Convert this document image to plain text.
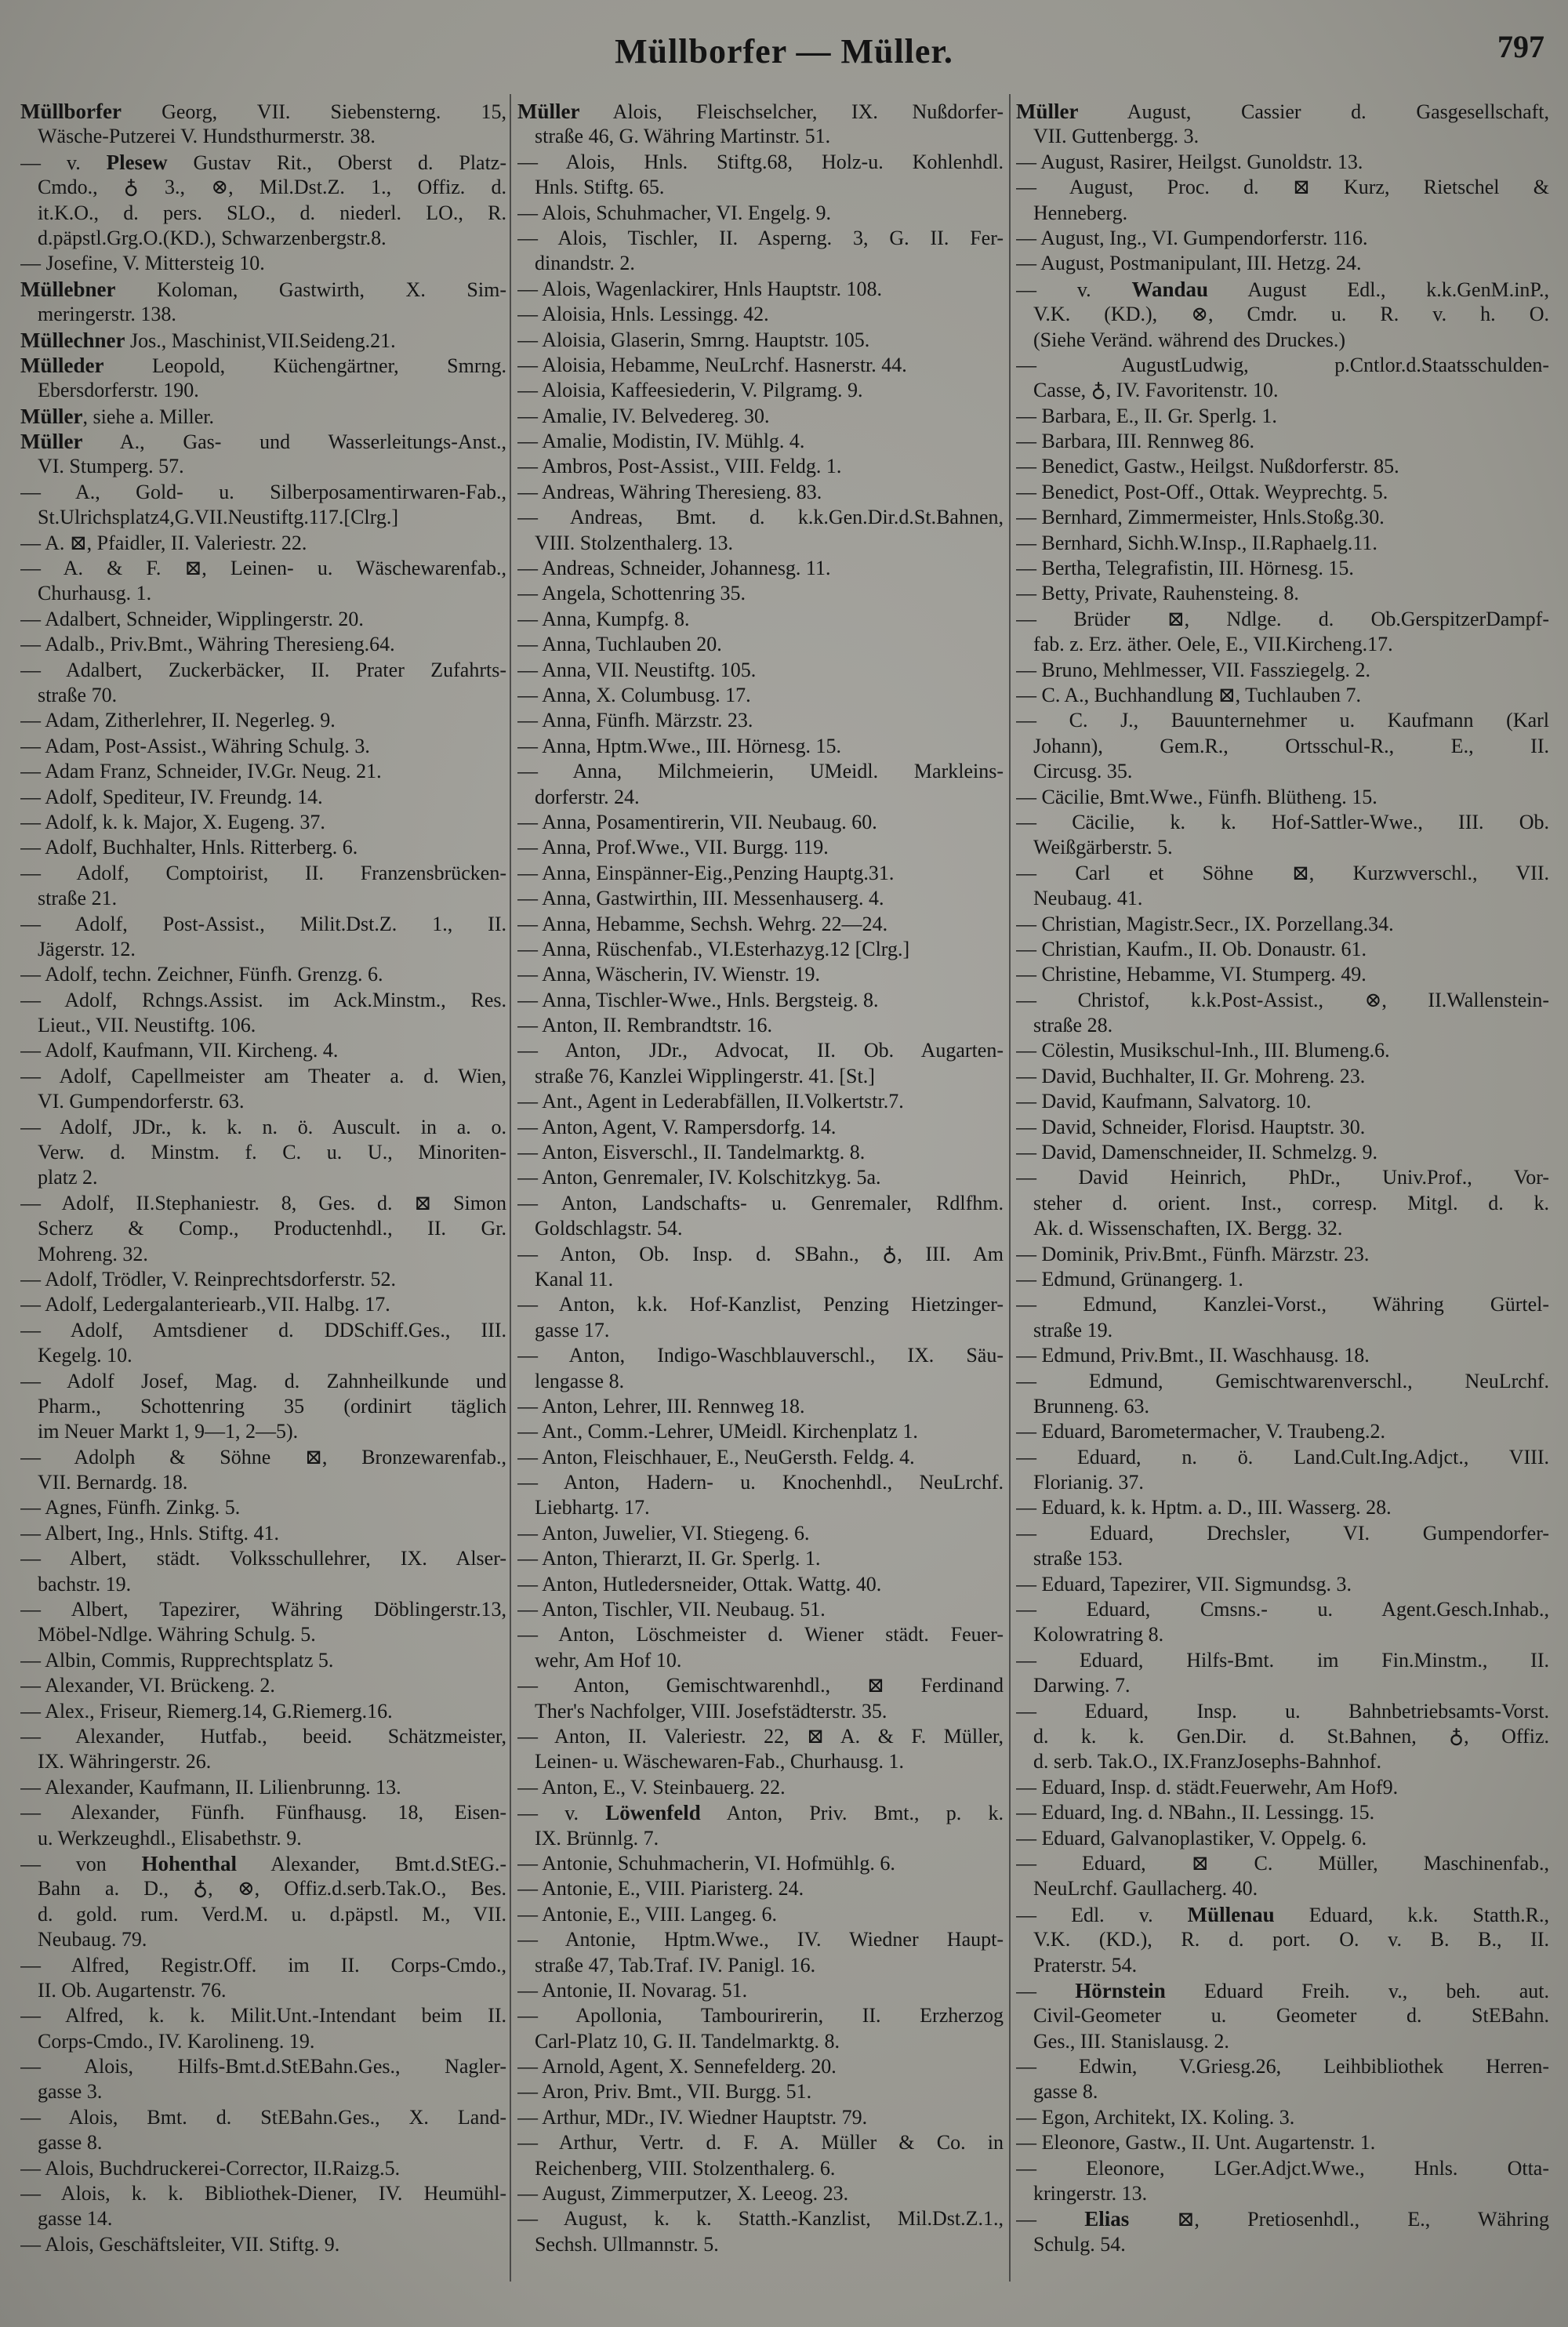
Müllborfer — Müller.	797
Müllborfer Georg, VII. Siebensterng. 15,
Wäsche-Putzerei V. Hundsthurmerstr. 38.
— v. Plesew Gustav Rit., Oberst d. Platz-
Cmdo., ♁ 3., ⊗, Mil.Dst.Z. 1., Offiz. d.
it.K.O., d. pers. SLO., d. niederl. LO., R.
d.päpstl.Grg.O.(KD.), Schwarzenbergstr.8.
— Josefine, V. Mittersteig 10.
Müllebner Koloman, Gastwirth, X. Sim-
meringerstr. 138.
Müllechner Jos., Maschinist,VII.Seideng.21.
Mülleder Leopold, Küchengärtner, Smrng.
Ebersdorferstr. 190.
Müller, siehe a. Miller.
Müller A., Gas- und Wasserleitungs-Anst.,
VI. Stumperg. 57.
— A., Gold- u. Silberposamentirwaren-Fab.,
St.Ulrichsplatz4,G.VII.Neustiftg.117.[Clrg.]
— A. ⊠, Pfaidler, II. Valeriestr. 22.
— A. & F. ⊠, Leinen- u. Wäschewarenfab.,
Churhausg. 1.
— Adalbert, Schneider, Wipplingerstr. 20.
— Adalb., Priv.Bmt., Währing Theresieng.64.
— Adalbert, Zuckerbäcker, II. Prater Zufahrts-
straße 70.
— Adam, Zitherlehrer, II. Negerleg. 9.
— Adam, Post-Assist., Währing Schulg. 3.
— Adam Franz, Schneider, IV.Gr. Neug. 21.
— Adolf, Spediteur, IV. Freundg. 14.
— Adolf, k. k. Major, X. Eugeng. 37.
— Adolf, Buchhalter, Hnls. Ritterberg. 6.
— Adolf, Comptoirist, II. Franzensbrücken-
straße 21.
— Adolf, Post-Assist., Milit.Dst.Z. 1., II.
Jägerstr. 12.
— Adolf, techn. Zeichner, Fünfh. Grenzg. 6.
— Adolf, Rchngs.Assist. im Ack.Minstm., Res.
Lieut., VII. Neustiftg. 106.
— Adolf, Kaufmann, VII. Kircheng. 4.
— Adolf, Capellmeister am Theater a. d. Wien,
VI. Gumpendorferstr. 63.
— Adolf, JDr., k. k. n. ö. Auscult. in a. o.
Verw. d. Minstm. f. C. u. U., Minoriten-
platz 2.
— Adolf, II.Stephaniestr. 8, Ges. d. ⊠ Simon
Scherz & Comp., Productenhdl., II. Gr.
Mohreng. 32.
— Adolf, Trödler, V. Reinprechtsdorferstr. 52.
— Adolf, Ledergalanteriearb.,VII. Halbg. 17.
— Adolf, Amtsdiener d. DDSchiff.Ges., III.
Kegelg. 10.
— Adolf Josef, Mag. d. Zahnheilkunde und
Pharm., Schottenring 35 (ordinirt täglich
im Neuer Markt 1, 9—1, 2—5).
— Adolph & Söhne ⊠, Bronzewarenfab.,
VII. Bernardg. 18.
— Agnes, Fünfh. Zinkg. 5.
— Albert, Ing., Hnls. Stiftg. 41.
— Albert, städt. Volksschullehrer, IX. Alser-
bachstr. 19.
— Albert, Tapezirer, Währing Döblingerstr.13,
Möbel-Ndlge. Währing Schulg. 5.
— Albin, Commis, Rupprechtsplatz 5.
— Alexander, VI. Brückeng. 2.
— Alex., Friseur, Riemerg.14, G.Riemerg.16.
— Alexander, Hutfab., beeid. Schätzmeister,
IX. Währingerstr. 26.
— Alexander, Kaufmann, II. Lilienbrunng. 13.
— Alexander, Fünfh. Fünfhausg. 18, Eisen-
u. Werkzeughdl., Elisabethstr. 9.
— von Hohenthal Alexander, Bmt.d.StEG.-
Bahn a. D., ♁, ⊗, Offiz.d.serb.Tak.O., Bes.
d. gold. rum. Verd.M. u. d.päpstl. M., VII.
Neubaug. 79.
— Alfred, Registr.Off. im II. Corps-Cmdo.,
II. Ob. Augartenstr. 76.
— Alfred, k. k. Milit.Unt.-Intendant beim II.
Corps-Cmdo., IV. Karolineng. 19.
— Alois, Hilfs-Bmt.d.StEBahn.Ges., Nagler-
gasse 3.
— Alois, Bmt. d. StEBahn.Ges., X. Land-
gasse 8.
— Alois, Buchdruckerei-Corrector, II.Raizg.5.
— Alois, k. k. Bibliothek-Diener, IV. Heumühl-
gasse 14.
— Alois, Geschäftsleiter, VII. Stiftg. 9.
Müller Alois, Fleischselcher, IX. Nußdorfer-
straße 46, G. Währing Martinstr. 51.
— Alois, Hnls. Stiftg.68, Holz-u. Kohlenhdl.
Hnls. Stiftg. 65.
— Alois, Schuhmacher, VI. Engelg. 9.
— Alois, Tischler, II. Asperng. 3, G. II. Fer-
dinandstr. 2.
— Alois, Wagenlackirer, Hnls Hauptstr. 108.
— Aloisia, Hnls. Lessingg. 42.
— Aloisia, Glaserin, Smrng. Hauptstr. 105.
— Aloisia, Hebamme, NeuLrchf. Hasnerstr. 44.
— Aloisia, Kaffeesiederin, V. Pilgramg. 9.
— Amalie, IV. Belvedereg. 30.
— Amalie, Modistin, IV. Mühlg. 4.
— Ambros, Post-Assist., VIII. Feldg. 1.
— Andreas, Währing Theresieng. 83.
— Andreas, Bmt. d. k.k.Gen.Dir.d.St.Bahnen,
VIII. Stolzenthalerg. 13.
— Andreas, Schneider, Johannesg. 11.
— Angela, Schottenring 35.
— Anna, Kumpfg. 8.
— Anna, Tuchlauben 20.
— Anna, VII. Neustiftg. 105.
— Anna, X. Columbusg. 17.
— Anna, Fünfh. Märzstr. 23.
— Anna, Hptm.Wwe., III. Hörnesg. 15.
— Anna, Milchmeierin, UMeidl. Markleins-
dorferstr. 24.
— Anna, Posamentirerin, VII. Neubaug. 60.
— Anna, Prof.Wwe., VII. Burgg. 119.
— Anna, Einspänner-Eig.,Penzing Hauptg.31.
— Anna, Gastwirthin, III. Messenhauserg. 4.
— Anna, Hebamme, Sechsh. Wehrg. 22—24.
— Anna, Rüschenfab., VI.Esterhazyg.12 [Clrg.]
— Anna, Wäscherin, IV. Wienstr. 19.
— Anna, Tischler-Wwe., Hnls. Bergsteig. 8.
— Anton, II. Rembrandtstr. 16.
— Anton, JDr., Advocat, II. Ob. Augarten-
straße 76, Kanzlei Wipplingerstr. 41. [St.]
— Ant., Agent in Lederabfällen, II.Volkertstr.7.
— Anton, Agent, V. Rampersdorfg. 14.
— Anton, Eisverschl., II. Tandelmarktg. 8.
— Anton, Genremaler, IV. Kolschitzkyg. 5a.
— Anton, Landschafts- u. Genremaler, Rdlfhm.
Goldschlagstr. 54.
— Anton, Ob. Insp. d. SBahn., ♁, III. Am
Kanal 11.
— Anton, k.k. Hof-Kanzlist, Penzing Hietzinger-
gasse 17.
— Anton, Indigo-Waschblauverschl., IX. Säu-
lengasse 8.
— Anton, Lehrer, III. Rennweg 18.
— Ant., Comm.-Lehrer, UMeidl. Kirchenplatz 1.
— Anton, Fleischhauer, E., NeuGersth. Feldg. 4.
— Anton, Hadern- u. Knochenhdl., NeuLrchf.
Liebhartg. 17.
— Anton, Juwelier, VI. Stiegeng. 6.
— Anton, Thierarzt, II. Gr. Sperlg. 1.
— Anton, Hutledersneider, Ottak. Wattg. 40.
— Anton, Tischler, VII. Neubaug. 51.
— Anton, Löschmeister d. Wiener städt. Feuer-
wehr, Am Hof 10.
— Anton, Gemischtwarenhdl., ⊠ Ferdinand
Ther's Nachfolger, VIII. Josefstädterstr. 35.
— Anton, II. Valeriestr. 22, ⊠ A. & F. Müller,
Leinen- u. Wäschewaren-Fab., Churhausg. 1.
— Anton, E., V. Steinbauerg. 22.
— v. Löwenfeld Anton, Priv. Bmt., p. k.
IX. Brünnlg. 7.
— Antonie, Schuhmacherin, VI. Hofmühlg. 6.
— Antonie, E., VIII. Piaristerg. 24.
— Antonie, E., VIII. Langeg. 6.
— Antonie, Hptm.Wwe., IV. Wiedner Haupt-
straße 47, Tab.Traf. IV. Panigl. 16.
— Antonie, II. Novarag. 51.
— Apollonia, Tambourirerin, II. Erzherzog
Carl-Platz 10, G. II. Tandelmarktg. 8.
— Arnold, Agent, X. Sennefelderg. 20.
— Aron, Priv. Bmt., VII. Burgg. 51.
— Arthur, MDr., IV. Wiedner Hauptstr. 79.
— Arthur, Vertr. d. F. A. Müller & Co. in
Reichenberg, VIII. Stolzenthalerg. 6.
— August, Zimmerputzer, X. Leeog. 23.
— August, k. k. Statth.-Kanzlist, Mil.Dst.Z.1.,
Sechsh. Ullmannstr. 5.
Müller August, Cassier d. Gasgesellschaft,
VII. Guttenbergg. 3.
— August, Rasirer, Heilgst. Gunoldstr. 13.
— August, Proc. d. ⊠ Kurz, Rietschel &
Henneberg.
— August, Ing., VI. Gumpendorferstr. 116.
— August, Postmanipulant, III. Hetzg. 24.
— v. Wandau August Edl., k.k.GenM.inP.,
V.K. (KD.), ⊗, Cmdr. u. R. v. h. O.
(Siehe Veränd. während des Druckes.)
— AugustLudwig, p.Cntlor.d.Staatsschulden-
Casse, ♁, IV. Favoritenstr. 10.
— Barbara, E., II. Gr. Sperlg. 1.
— Barbara, III. Rennweg 86.
— Benedict, Gastw., Heilgst. Nußdorferstr. 85.
— Benedict, Post-Off., Ottak. Weyprechtg. 5.
— Bernhard, Zimmermeister, Hnls.Stoßg.30.
— Bernhard, Sichh.W.Insp., II.Raphaelg.11.
— Bertha, Telegrafistin, III. Hörnesg. 15.
— Betty, Private, Rauhensteing. 8.
— Brüder ⊠, Ndlge. d. Ob.GerspitzerDampf-
fab. z. Erz. äther. Oele, E., VII.Kircheng.17.
— Bruno, Mehlmesser, VII. Fassziegelg. 2.
— C. A., Buchhandlung ⊠, Tuchlauben 7.
— C. J., Bauunternehmer u. Kaufmann (Karl
Johann), Gem.R., Ortsschul-R., E., II.
Circusg. 35.
— Cäcilie, Bmt.Wwe., Fünfh. Blütheng. 15.
— Cäcilie, k. k. Hof-Sattler-Wwe., III. Ob.
Weißgärberstr. 5.
— Carl et Söhne ⊠, Kurzwverschl., VII.
Neubaug. 41.
— Christian, Magistr.Secr., IX. Porzellang.34.
— Christian, Kaufm., II. Ob. Donaustr. 61.
— Christine, Hebamme, VI. Stumperg. 49.
— Christof, k.k.Post-Assist., ⊗, II.Wallenstein-
straße 28.
— Cölestin, Musikschul-Inh., III. Blumeng.6.
— David, Buchhalter, II. Gr. Mohreng. 23.
— David, Kaufmann, Salvatorg. 10.
— David, Schneider, Florisd. Hauptstr. 30.
— David, Damenschneider, II. Schmelzg. 9.
— David Heinrich, PhDr., Univ.Prof., Vor-
steher d. orient. Inst., corresp. Mitgl. d. k.
Ak. d. Wissenschaften, IX. Bergg. 32.
— Dominik, Priv.Bmt., Fünfh. Märzstr. 23.
— Edmund, Grünangerg. 1.
— Edmund, Kanzlei-Vorst., Währing Gürtel-
straße 19.
— Edmund, Priv.Bmt., II. Waschhausg. 18.
— Edmund, Gemischtwarenverschl., NeuLrchf.
Brunneng. 63.
— Eduard, Barometermacher, V. Traubeng.2.
— Eduard, n. ö. Land.Cult.Ing.Adjct., VIII.
Florianig. 37.
— Eduard, k. k. Hptm. a. D., III. Wasserg. 28.
— Eduard, Drechsler, VI. Gumpendorfer-
straße 153.
— Eduard, Tapezirer, VII. Sigmundsg. 3.
— Eduard, Cmsns.- u. Agent.Gesch.Inhab.,
Kolowratring 8.
— Eduard, Hilfs-Bmt. im Fin.Minstm., II.
Darwing. 7.
— Eduard, Insp. u. Bahnbetriebsamts-Vorst.
d. k. k. Gen.Dir. d. St.Bahnen, ♁, Offiz.
d. serb. Tak.O., IX.FranzJosephs-Bahnhof.
— Eduard, Insp. d. städt.Feuerwehr, Am Hof9.
— Eduard, Ing. d. NBahn., II. Lessingg. 15.
— Eduard, Galvanoplastiker, V. Oppelg. 6.
— Eduard, ⊠ C. Müller, Maschinenfab.,
NeuLrchf. Gaullacherg. 40.
— Edl. v. Müllenau Eduard, k.k. Statth.R.,
V.K. (KD.), R. d. port. O. v. B. B., II.
Praterstr. 54.
— Hörnstein Eduard Freih. v., beh. aut.
Civil-Geometer u. Geometer d. StEBahn.
Ges., III. Stanislausg. 2.
— Edwin, V.Griesg.26, Leihbibliothek Herren-
gasse 8.
— Egon, Architekt, IX. Koling. 3.
— Eleonore, Gastw., II. Unt. Augartenstr. 1.
— Eleonore, LGer.Adjct.Wwe., Hnls. Otta-
kringerstr. 13.
— Elias ⊠, Pretiosenhdl., E., Währing
Schulg. 54.
